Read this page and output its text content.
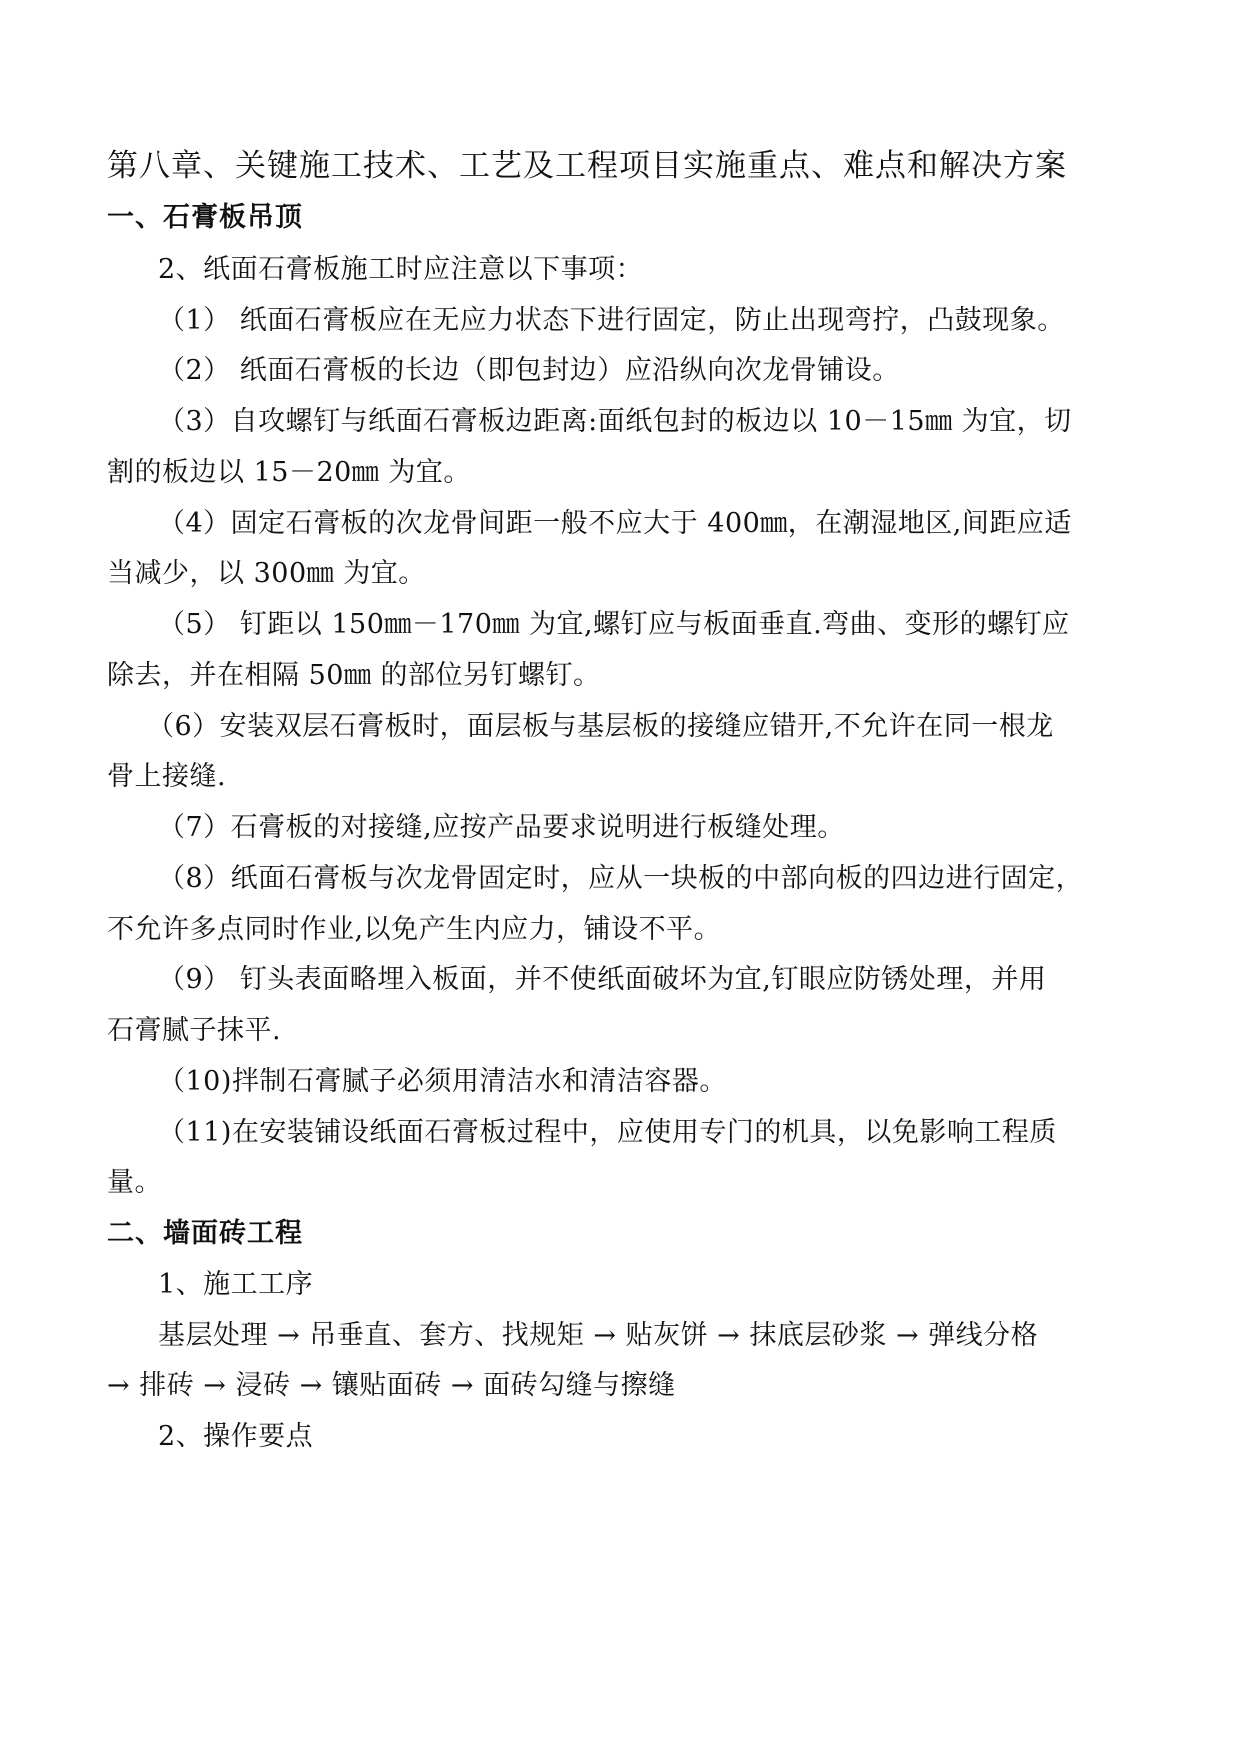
第八章、关键施工技术、工艺及工程项目实施重点、难点和解决方案
一、石膏板吊顶
2、纸面石膏板施工时应注意以下事项：
（1） 纸面石膏板应在无应力状态下进行固定，防止出现弯拧，凸鼓现象。
（2） 纸面石膏板的长边（即包封边）应沿纵向次龙骨铺设。
（3）自攻螺钉与纸面石膏板边距离:面纸包封的板边以 10－15㎜ 为宜，切
割的板边以 15－20㎜ 为宜。
（4）固定石膏板的次龙骨间距一般不应大于 400㎜，在潮湿地区,间距应适
当减少，以 300㎜ 为宜。
（5） 钉距以 150㎜－170㎜ 为宜,螺钉应与板面垂直.弯曲、变形的螺钉应
除去，并在相隔 50㎜ 的部位另钉螺钉。
（6）安装双层石膏板时，面层板与基层板的接缝应错开,不允许在同一根龙
骨上接缝.
（7）石膏板的对接缝,应按产品要求说明进行板缝处理。
（8）纸面石膏板与次龙骨固定时，应从一块板的中部向板的四边进行固定，
不允许多点同时作业,以免产生内应力，铺设不平。
（9） 钉头表面略埋入板面，并不使纸面破坏为宜,钉眼应防锈处理，并用
石膏腻子抹平.
（10)拌制石膏腻子必须用清洁水和清洁容器。
（11)在安装铺设纸面石膏板过程中，应使用专门的机具，以免影响工程质
量。
二、墙面砖工程
1、施工工序
基层处理 → 吊垂直、套方、找规矩 → 贴灰饼 → 抹底层砂浆 → 弹线分格
→ 排砖 → 浸砖 → 镶贴面砖 → 面砖勾缝与擦缝
2、操作要点
